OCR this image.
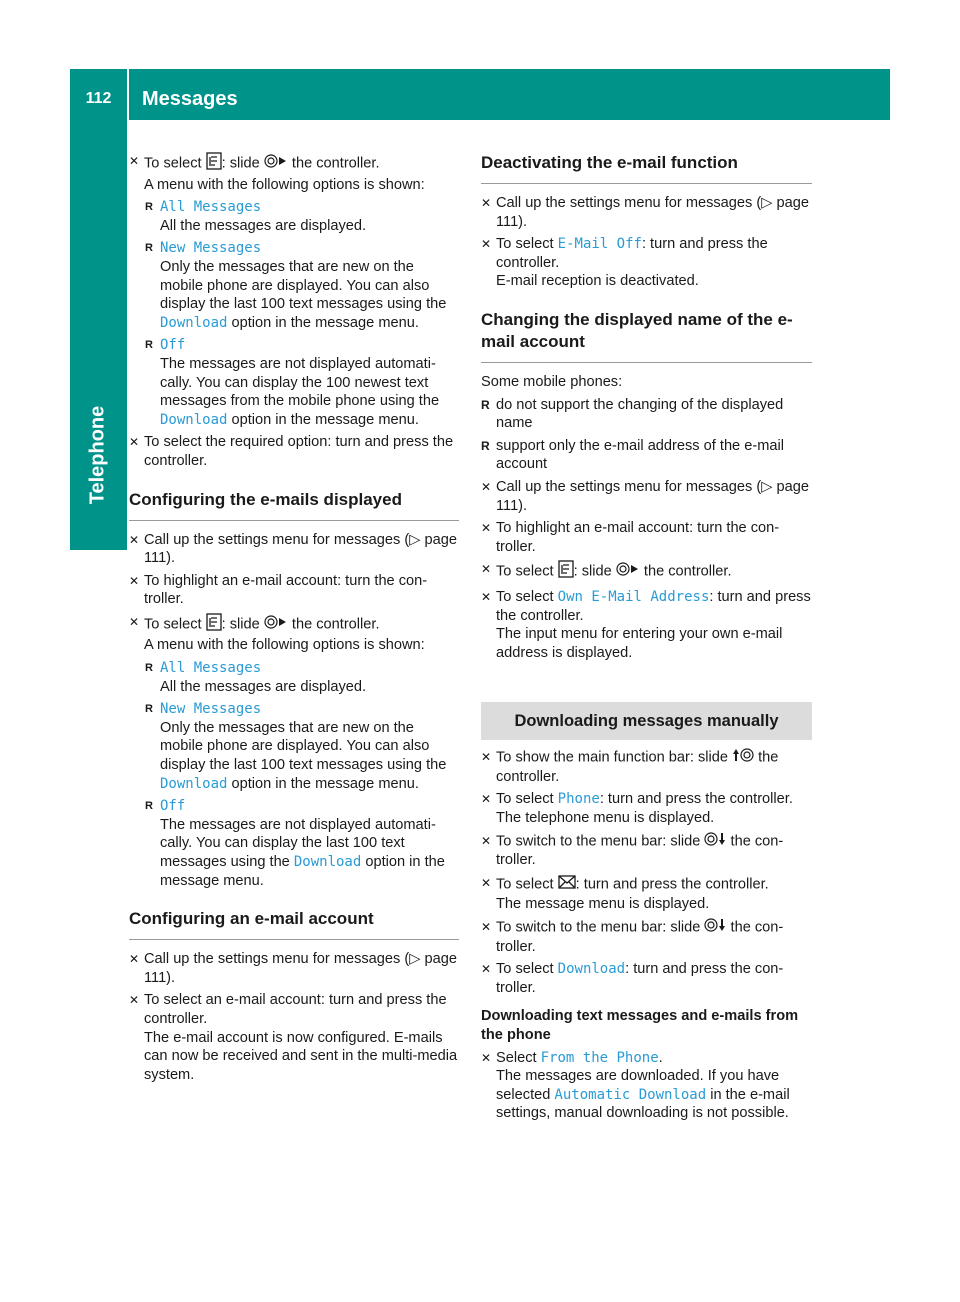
112	Messages
Telephone
✕ To select : slide  the controller.
A menu with the following options is shown:
R All Messages
All the messages are displayed.
R New Messages
Only the messages that are new on the mobile phone are displayed. You can also display the last 100 text messages using the Download option in the message menu.
R Off
The messages are not displayed automati-cally. You can display the 100 newest text messages from the mobile phone using the Download option in the message menu.
✕ To select the required option: turn and press the controller.
Configuring the e-mails displayed
✕ Call up the settings menu for messages (▷ page 111).
✕ To highlight an e-mail account: turn the con-troller.
✕ To select : slide  the controller.
A menu with the following options is shown:
R All Messages
All the messages are displayed.
R New Messages
Only the messages that are new on the mobile phone are displayed. You can also display the last 100 text messages using the Download option in the message menu.
R Off
The messages are not displayed automati-cally. You can display the last 100 text messages using the Download option in the message menu.
Configuring an e-mail account
✕ Call up the settings menu for messages (▷ page 111).
✕ To select an e-mail account: turn and press the controller.
The e-mail account is now configured. E-mails can now be received and sent in the multi-media system.
Deactivating the e-mail function
✕ Call up the settings menu for messages (▷ page 111).
✕ To select E-Mail Off: turn and press the controller.
E-mail reception is deactivated.
Changing the displayed name of the e-mail account

Some mobile phones:

R do not support the changing of the displayed name
R support only the e-mail address of the e-mail account
✕ Call up the settings menu for messages (▷ page 111).
✕ To highlight an e-mail account: turn the con-troller.
✕ To select : slide  the controller.
✕ To select Own E-Mail Address: turn and press the controller.
The input menu for entering your own e-mail address is displayed.
Downloading messages manually
✕ To show the main function bar: slide  the controller.
✕ To select Phone: turn and press the controller.
The telephone menu is displayed.
✕ To switch to the menu bar: slide  the con-troller.
✕ To select : turn and press the controller.
The message menu is displayed.
✕ To switch to the menu bar: slide  the con-troller.
✕ To select Download: turn and press the con-troller.
Downloading text messages and e-mails from the phone
✕ Select From the Phone.
The messages are downloaded. If you have selected Automatic Download in the e-mail settings, manual downloading is not possible.
